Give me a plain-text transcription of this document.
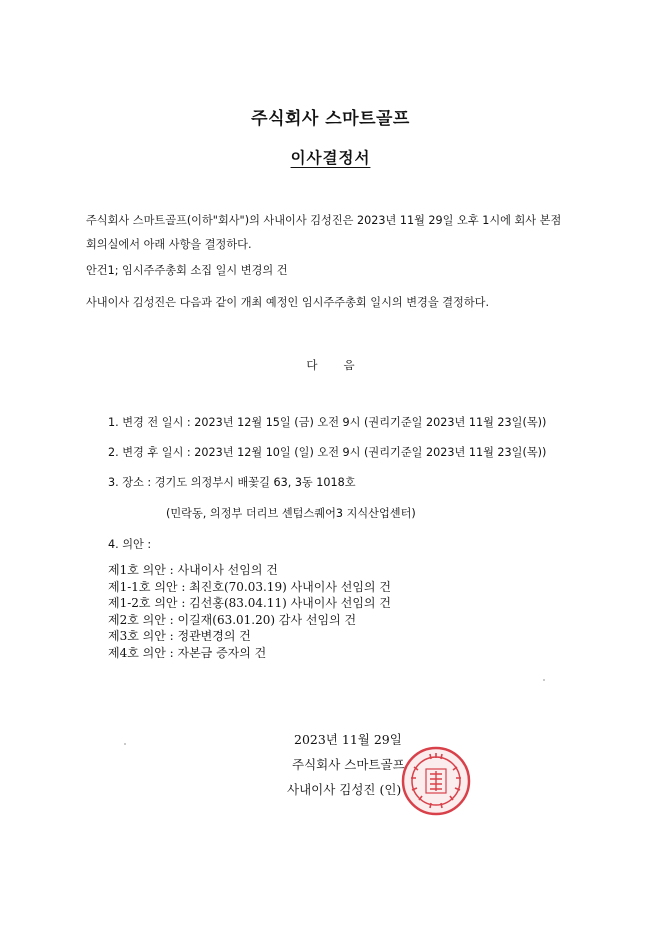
주식회사 스마트골프
이사결정서
주식회사 스마트골프(이하"회사")의 사내이사 김성진은 2023년 11월 29일 오후 1시에 회사 본점
회의실에서 아래 사항을 결정하다.
안건1; 임시주주총회 소집 일시 변경의 건
사내이사 김성진은 다음과 같이 개최 예정인 임시주주총회 일시의 변경을 결정하다.
다음
1. 변경 전 일시 : 2023년 12월 15일 (금) 오전 9시 (권리기준일 2023년 11월 23일(목))
2. 변경 후 일시 : 2023년 12월 10일 (일) 오전 9시 (권리기준일 2023년 11월 23일(목))
3. 장소 : 경기도 의정부시 배꽃길 63, 3동 1018호
(민락동, 의정부 더리브 센텀스퀘어3 지식산업센터)
4. 의안 :
제1호 의안 : 사내이사 선임의 건
제1-1호 의안 : 최진호(70.03.19) 사내이사 선임의 건
제1-2호 의안 : 김선홍(83.04.11) 사내이사 선임의 건
제2호 의안 : 이길재(63.01.20) 감사 선임의 건
제3호 의안 : 정관변경의 건
제4호 의안 : 자본금 증자의 건
2023년 11월 29일
주식회사 스마트골프
사내이사 김성진 (인)
